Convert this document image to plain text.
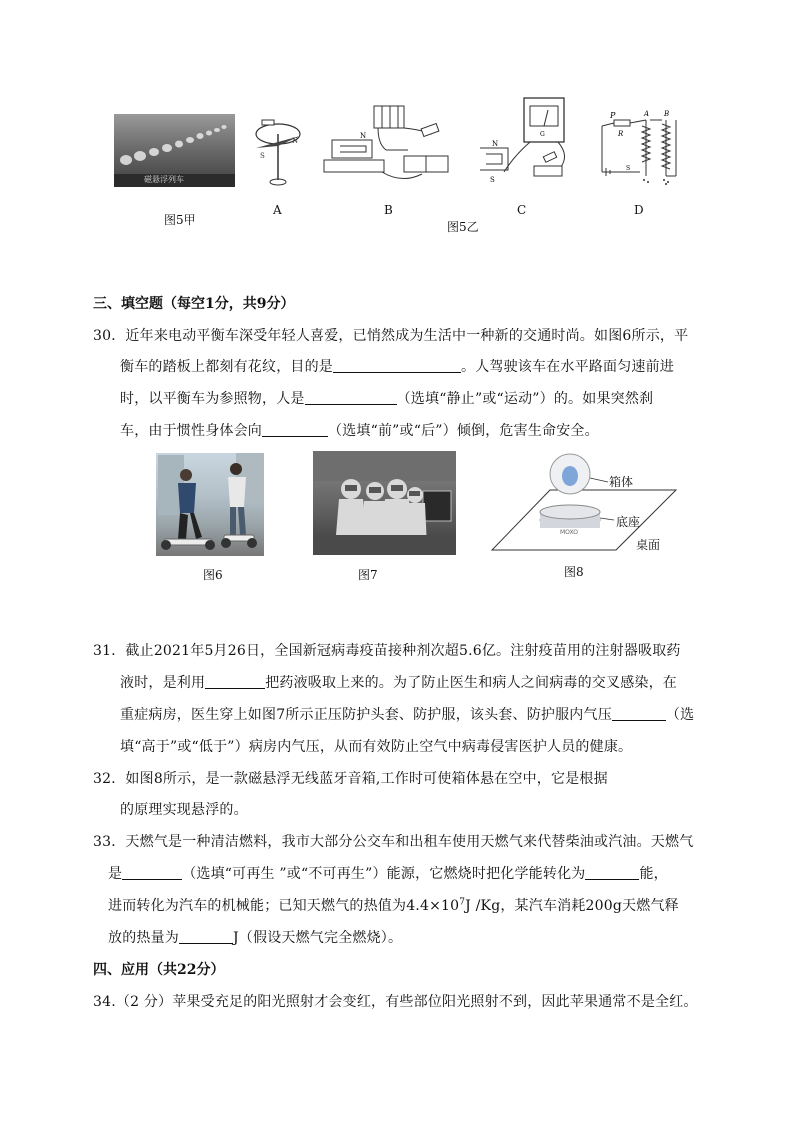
磁悬浮列车
图5甲
S
N
A
N
B
G
N
S
C
P	A B
R
S
D
图5乙
三、填空题（每空1分，共9分）
30．近年来电动平衡车深受年轻人喜爱，已悄然成为生活中一种新的交通时尚。如图6所示，平
衡车的踏板上都刻有花纹，目的是	。人驾驶该车在水平路面匀速前进
时，以平衡车为参照物，人是	（选填“静止”或“运动”）的。如果突然刹
车，由于惯性身体会向	（选填“前”或“后”）倾倒，危害生命安全。
图6	图7
MOXO
箱体
底座
桌面
图8
31．截止2021年5月26日，全国新冠病毒疫苗接种剂次超5.6亿。注射疫苗用的注射器吸取药
液时，是利用	把药液吸取上来的。为了防止医生和病人之间病毒的交叉感染，在
重症病房，医生穿上如图7所示正压防护头套、防护服，该头套、防护服内气压	（选
填“高于”或“低于”）病房内气压，从而有效防止空气中病毒侵害医护人员的健康。
32．如图8所示，是一款磁悬浮无线蓝牙音箱,工作时可使箱体悬在空中，它是根据
的原理实现悬浮的。
33．天燃气是一种清洁燃料，我市大部分公交车和出租车使用天燃气来代替柴油或汽油。天燃气
是	（选填“可再生 ”或“不可再生”）能源，它燃烧时把化学能转化为	能，
进而转化为汽车的机械能；已知天燃气的热值为$4.4\times 10^7J$ /Kg，某汽车消耗200g天燃气释
放的热量为	J（假设天燃气完全燃烧）。
四、应用（共22分）
34.（2 分）苹果受充足的阳光照射才会变红，有些部位阳光照射不到，因此苹果通常不是全红。
